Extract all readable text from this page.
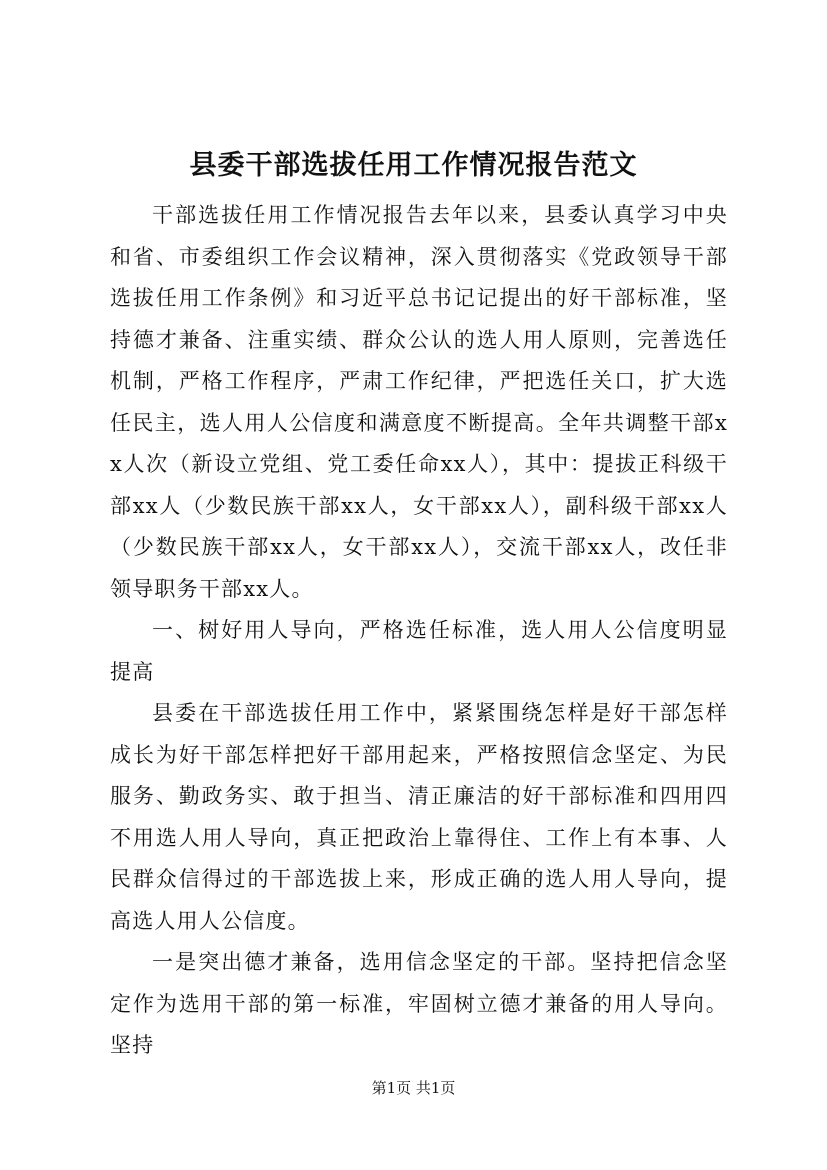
县委干部选拔任用工作情况报告范文

干部选拔任用工作情况报告去年以来，县委认真学习中央和省、市委组织工作会议精神，深入贯彻落实《党政领导干部选拔任用工作条例》和习近平总书记记提出的好干部标准，坚持德才兼备、注重实绩、群众公认的选人用人原则，完善选任机制，严格工作程序，严肃工作纪律，严把选任关口，扩大选任民主，选人用人公信度和满意度不断提高。全年共调整干部xx人次（新设立党组、党工委任命xx人），其中：提拔正科级干部xx人（少数民族干部xx人，女干部xx人），副科级干部xx人（少数民族干部xx人，女干部xx人），交流干部xx人，改任非领导职务干部xx人。

一、树好用人导向，严格选任标准，选人用人公信度明显提高

县委在干部选拔任用工作中，紧紧围绕怎样是好干部怎样成长为好干部怎样把好干部用起来，严格按照信念坚定、为民服务、勤政务实、敢于担当、清正廉洁的好干部标准和四用四不用选人用人导向，真正把政治上靠得住、工作上有本事、人民群众信得过的干部选拔上来，形成正确的选人用人导向，提高选人用人公信度。

一是突出德才兼备，选用信念坚定的干部。坚持把信念坚定作为选用干部的第一标准，牢固树立德才兼备的用人导向。坚持

第1页 共1页
